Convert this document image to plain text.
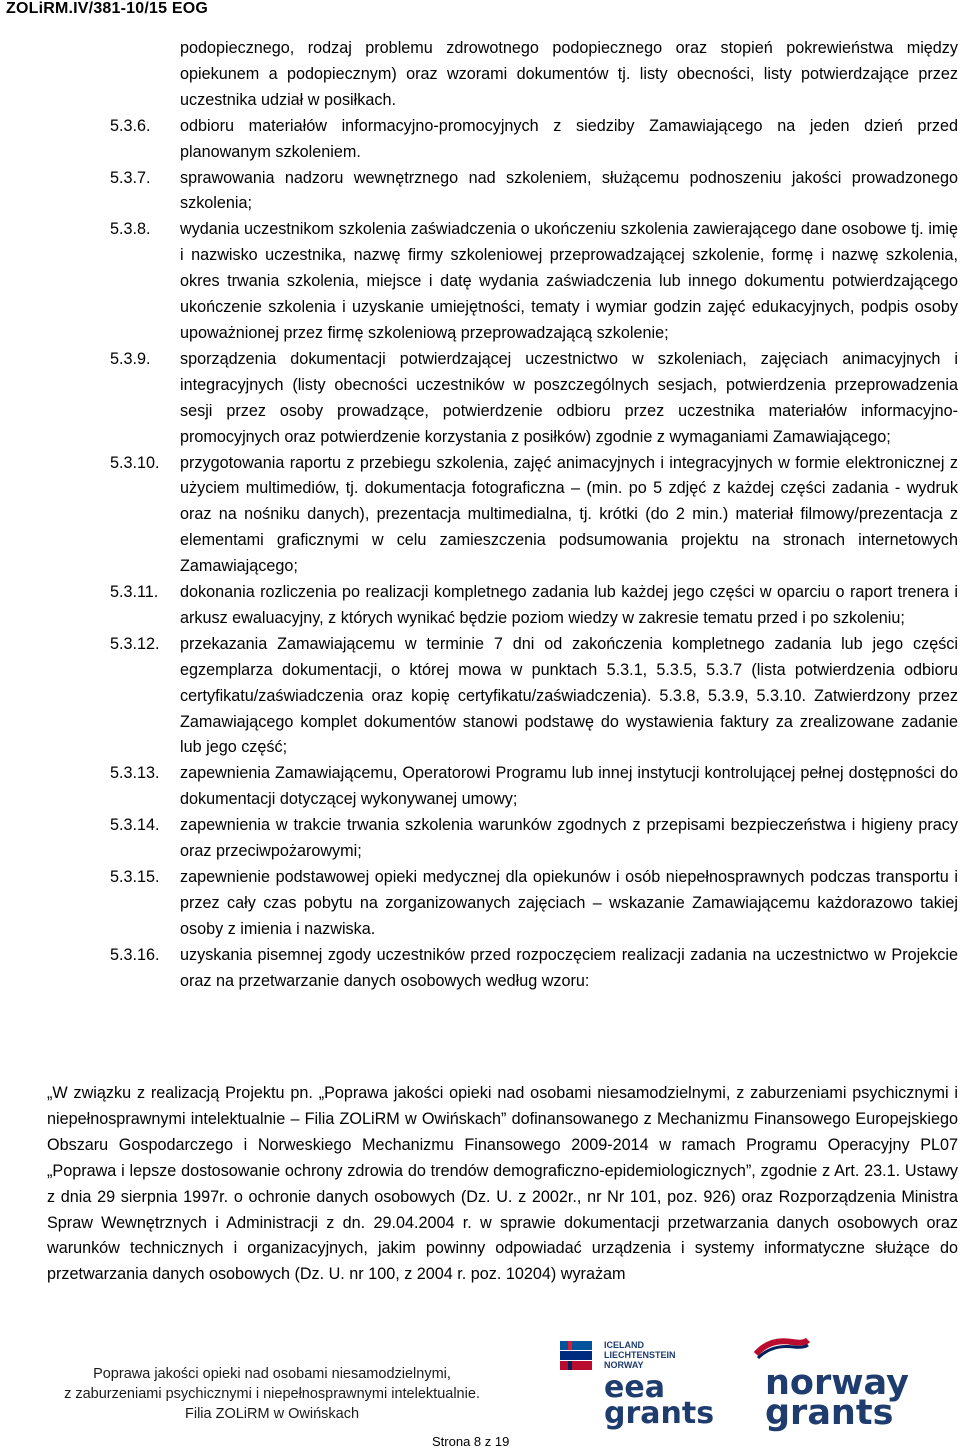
ZOLiRM.IV/381-10/15 EOG
podopiecznego, rodzaj problemu zdrowotnego podopiecznego oraz stopień pokrewieństwa między opiekunem a podopiecznym) oraz wzorami dokumentów tj. listy obecności, listy potwierdzające przez uczestnika udział w posiłkach.
5.3.6.	odbioru materiałów informacyjno-promocyjnych z siedziby Zamawiającego na jeden dzień przed planowanym szkoleniem.
5.3.7.	sprawowania nadzoru wewnętrznego nad szkoleniem, służącemu podnoszeniu jakości prowadzonego szkolenia;
5.3.8.	wydania uczestnikom szkolenia zaświadczenia o ukończeniu szkolenia zawierającego dane osobowe tj. imię i nazwisko uczestnika, nazwę firmy szkoleniowej przeprowadzającej szkolenie, formę i nazwę szkolenia, okres trwania szkolenia, miejsce i datę wydania zaświadczenia lub innego dokumentu potwierdzającego ukończenie szkolenia i uzyskanie umiejętności, tematy i wymiar godzin zajęć edukacyjnych, podpis osoby upoważnionej przez firmę szkoleniową przeprowadzającą szkolenie;
5.3.9.	sporządzenia dokumentacji potwierdzającej uczestnictwo w szkoleniach, zajęciach animacyjnych i integracyjnych (listy obecności uczestników w poszczególnych sesjach, potwierdzenia przeprowadzenia sesji przez osoby prowadzące, potwierdzenie odbioru przez uczestnika materiałów informacyjno-promocyjnych oraz potwierdzenie korzystania z posiłków) zgodnie z wymaganiami Zamawiającego;
5.3.10.	przygotowania raportu z przebiegu szkolenia, zajęć animacyjnych i integracyjnych w formie elektronicznej z użyciem multimediów, tj. dokumentacja fotograficzna – (min. po 5 zdjęć z każdej części zadania - wydruk oraz na nośniku danych), prezentacja multimedialna, tj. krótki (do 2 min.) materiał filmowy/prezentacja z elementami graficznymi w celu zamieszczenia podsumowania projektu na stronach internetowych Zamawiającego;
5.3.11.	dokonania rozliczenia po realizacji kompletnego zadania lub każdej jego części w oparciu o raport trenera i arkusz ewaluacyjny, z których wynikać będzie poziom wiedzy w zakresie tematu przed i po szkoleniu;
5.3.12.	przekazania Zamawiającemu w terminie 7 dni od zakończenia kompletnego zadania lub jego części egzemplarza dokumentacji, o której mowa w punktach 5.3.1, 5.3.5, 5.3.7 (lista potwierdzenia odbioru certyfikatu/zaświadczenia oraz kopię certyfikatu/zaświadczenia). 5.3.8, 5.3.9, 5.3.10. Zatwierdzony przez Zamawiającego komplet dokumentów stanowi podstawę do wystawienia faktury za zrealizowane zadanie lub jego część;
5.3.13.	zapewnienia Zamawiającemu, Operatorowi Programu lub innej instytucji kontrolującej pełnej dostępności do dokumentacji dotyczącej wykonywanej umowy;
5.3.14.	zapewnienia w trakcie trwania szkolenia warunków zgodnych z przepisami bezpieczeństwa i higieny pracy oraz przeciwpożarowymi;
5.3.15.	zapewnienie podstawowej opieki medycznej dla opiekunów i osób niepełnosprawnych podczas transportu i przez cały czas pobytu na zorganizowanych zajęciach – wskazanie Zamawiającemu każdorazowo takiej osoby z imienia i nazwiska.
5.3.16.	uzyskania pisemnej zgody uczestników przed rozpoczęciem realizacji zadania na uczestnictwo w Projekcie oraz na przetwarzanie danych osobowych według wzoru:
„W związku z realizacją Projektu pn. „Poprawa jakości opieki nad osobami niesamodzielnymi, z zaburzeniami psychicznymi i niepełnosprawnymi intelektualnie – Filia ZOLiRM w Owińskach” dofinansowanego z Mechanizmu Finansowego Europejskiego Obszaru Gospodarczego i Norweskiego Mechanizmu Finansowego 2009-2014 w ramach Programu Operacyjny PL07 „Poprawa i lepsze dostosowanie ochrony zdrowia do trendów demograficzno-epidemiologicznych”, zgodnie z Art. 23.1. Ustawy z dnia 29 sierpnia 1997r. o ochronie danych osobowych (Dz. U. z 2002r., nr Nr 101, poz. 926) oraz Rozporządzenia Ministra Spraw Wewnętrznych i Administracji z dn. 29.04.2004 r. w sprawie dokumentacji przetwarzania danych osobowych oraz warunków technicznych i organizacyjnych, jakim powinny odpowiadać urządzenia i systemy informatyczne służące do przetwarzania danych osobowych (Dz. U. nr 100, z 2004 r. poz. 10204) wyrażam
Poprawa jakości opieki nad osobami niesamodzielnymi,
z zaburzeniami psychicznymi i niepełnosprawnymi intelektualnie.
Filia ZOLiRM w Owińskach
ICELAND
LIECHTENSTEIN
NORWAY
eea
grants
norway
grants
Strona 8 z 19
